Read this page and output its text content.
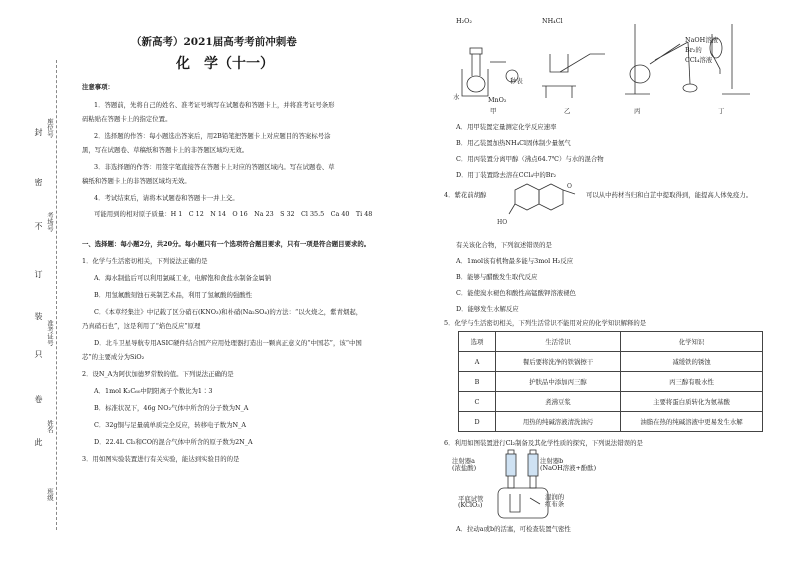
封
密
不
订
装
只
卷
此
座位号
考场号
准考证号
姓名
班级
（新高考）2021届高考考前冲刺卷
化　学（十一）
注意事项：
1．答题前，先将自己的姓名、准考证号填写在试题卷和答题卡上，并将准考证号条形
码粘贴在答题卡上的指定位置。
2．选择题的作答：每小题选出答案后，用2B铅笔把答题卡上对应题目的答案标号涂
黑，写在试题卷、草稿纸和答题卡上的非答题区域均无效。
3．非选择题的作答：用签字笔直接答在答题卡上对应的答题区域内。写在试题卷、草
稿纸和答题卡上的非答题区域均无效。
4．考试结束后，请将本试题卷和答题卡一并上交。
可能用到的相对原子质量：H 1　C 12　N 14　O 16　Na 23　S 32　Cl 35.5　Ca 40　Ti 48
一、选择题：每小题2分，共20分。每小题只有一个选项符合题目要求，只有一项是符合题目要求的。
1．化学与生活密切相关，下列说法正确的是
A．海水制盐后可以利用氯碱工业，电解饱和食盐水制备金属钠
B．用氢氟酸刻蚀石英制艺术品，利用了氢氟酸的强酸性
C．《本草经集注》中记载了区分硝石(KNO₃)和朴硝(Na₂SO₄)的方法：“以火烧之，紫青烟起，
乃真硝石也”，这是利用了“焰色反应”原理
D．北斗卫星导航专用ASIC硬件结合国产应用处理器打造出一颗真正意义的“中国芯”，该“中国
芯”的主要成分为SiO₂
2．设N_A为阿伏加德罗常数的值。下列说法正确的是
A．1mol K₂C₆₀中阴阳离子个数比为1∶3
B．标准状况下，46g NO₂气体中所含的分子数为N_A
C．32g铜与足量硫单质完全反应，转移电子数为N_A
D．22.4L Cl₂和CO的混合气体中所含的原子数为2N_A
3．用如图实验装置进行有关实验，能达到实验目的的是
H₂O₂
水	MnO₂
秒表
NH₄Cl
NaOH溶液
Br₂的
CCl₄溶液
甲	乙	丙	丁
A．用甲装置定量测定化学反应速率
B．用乙装置加热NH₄Cl固体制少量氨气
C．用丙装置分离甲醇（沸点64.7℃）与水的混合物
D．用丁装置除去溶在CCl₄中的Br₂
4．紫花前胡醇
O
HO
可以从中药材当归和白芷中提取得到，能提高人体免疫力。
有关该化合物，下列叙述错误的是
A．1mol该有机物最多能与3mol H₂反应
B．能够与醋酸发生取代反应
C．能使溴水褪色和酸性高锰酸钾溶液褪色
D．能够发生水解反应
5．化学与生活密切相关，下列生活常识不能用对应的化学知识解释的是
选项	生活常识	化学知识
A	餐后要将洗净的铁锅擦干	减缓铁的锈蚀
B	护肤品中添加丙三醇	丙三醇有吸水性
C	煮沸豆浆	主要将蛋白质转化为氨基酸
D	用热的纯碱溶液清洗油污	油脂在热的纯碱溶液中更易发生水解
6．利用如图装置进行Cl₂制备及其化学性质的探究，下列说法错误的是
注射器a
(浓盐酸)
注射器b
(NaOH溶液+酚酞)
平底试管
(KClO₃)
湿润的
红布条
A．拉动a或b的活塞，可检查装置气密性
